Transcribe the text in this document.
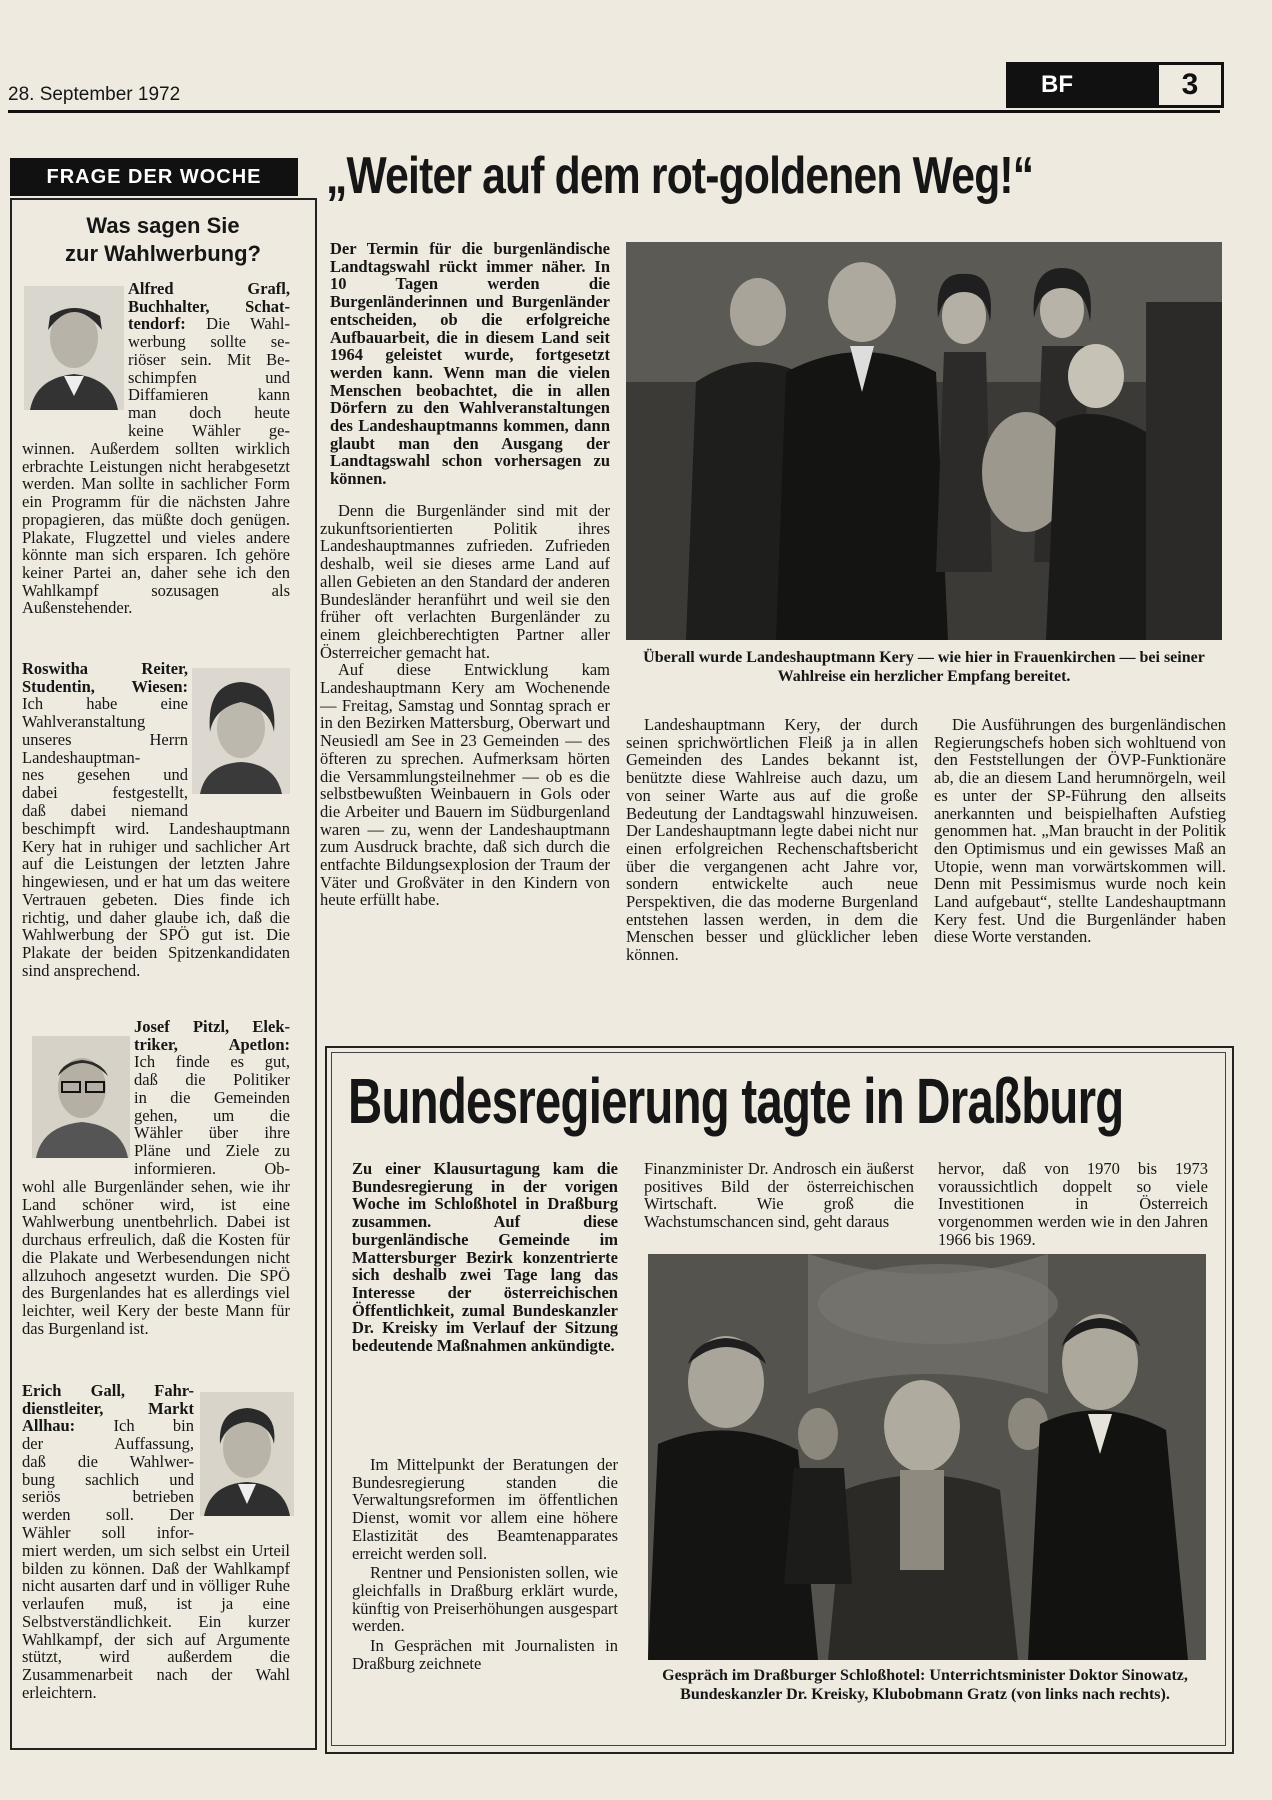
28. September 1972	BF	3
FRAGE DER WOCHE
Was sagen Sie
zur Wahlwerbung?
Alfred Grafl,
Buchhalter, Schat-
tendorf: Die Wahl-
werbung sollte se-
riöser sein. Mit Be-
schimpfen und
Diffamieren kann
man doch heute
keine Wähler ge-
winnen. Außerdem sollten wirklich erbrachte Leistungen nicht herabgesetzt werden. Man sollte in sachlicher Form ein Programm für die nächsten Jahre propagieren, das müßte doch genügen. Plakate, Flugzettel und vieles andere könnte man sich ersparen. Ich gehöre keiner Partei an, daher sehe ich den Wahlkampf sozusagen als Außenstehender.
Roswitha Reiter,
Studentin, Wiesen:
Ich habe eine
Wahlveranstaltung
unseres Herrn
Landeshauptman-
nes gesehen und
dabei festgestellt,
daß dabei niemand
beschimpft wird. Landeshauptmann Kery hat in ruhiger und sachlicher Art auf die Leistungen der letzten Jahre hingewiesen, und er hat um das weitere Vertrauen gebeten. Dies finde ich richtig, und daher glaube ich, daß die Wahlwerbung der SPÖ gut ist. Die Plakate der beiden Spitzenkandidaten sind ansprechend.
Josef Pitzl, Elek-
triker, Apetlon:
Ich finde es gut,
daß die Politiker
in die Gemeinden
gehen, um die
Wähler über ihre
Pläne und Ziele zu
informieren. Ob-
wohl alle Burgenländer sehen, wie ihr Land schöner wird, ist eine Wahlwerbung unentbehrlich. Dabei ist durchaus erfreulich, daß die Kosten für die Plakate und Werbesendungen nicht allzuhoch angesetzt wurden. Die SPÖ des Burgenlandes hat es allerdings viel leichter, weil Kery der beste Mann für das Burgenland ist.
Erich Gall, Fahr-
dienstleiter, Markt
Allhau: Ich bin
der Auffassung,
daß die Wahlwer-
bung sachlich und
seriös betrieben
werden soll. Der
Wähler soll infor-
miert werden, um sich selbst ein Urteil bilden zu können. Daß der Wahlkampf nicht ausarten darf und in völliger Ruhe verlaufen muß, ist ja eine Selbstverständlichkeit. Ein kurzer Wahlkampf, der sich auf Argumente stützt, wird außerdem die Zusammenarbeit nach der Wahl erleichtern.
„Weiter auf dem rot-goldenen Weg!“
Der Termin für die burgenländische Landtagswahl rückt immer näher. In 10 Tagen werden die Burgenländerinnen und Burgenländer entscheiden, ob die erfolgreiche Aufbauarbeit, die in diesem Land seit 1964 geleistet wurde, fortgesetzt werden kann. Wenn man die vielen Menschen beobachtet, die in allen Dörfern zu den Wahlveranstaltungen des Landeshauptmanns kommen, dann glaubt man den Ausgang der Landtagswahl schon vorhersagen zu können.
Überall wurde Landeshauptmann Kery — wie hier in Frauenkirchen — bei seiner Wahlreise ein herzlicher Empfang bereitet.

Denn die Burgenländer sind mit der zukunftsorientierten Politik ihres Landeshauptmannes zufrieden. Zufrieden deshalb, weil sie dieses arme Land auf allen Gebieten an den Standard der anderen Bundesländer heranführt und weil sie den früher oft verlachten Burgenländer zu einem gleichberechtigten Partner aller Österreicher gemacht hat.

Auf diese Entwicklung kam Landeshauptmann Kery am Wochenende — Freitag, Samstag und Sonntag sprach er in den Bezirken Mattersburg, Oberwart und Neusiedl am See in 23 Gemeinden — des öfteren zu sprechen. Aufmerksam hörten die Versammlungsteilnehmer — ob es die selbstbewußten Weinbauern in Gols oder die Arbeiter und Bauern im Südburgenland waren — zu, wenn der Landeshauptmann zum Ausdruck brachte, daß sich durch die entfachte Bildungsexplosion der Traum der Väter und Großväter in den Kindern von heute erfüllt habe.

Landeshauptmann Kery, der durch seinen sprichwörtlichen Fleiß ja in allen Gemeinden des Landes bekannt ist, benützte diese Wahlreise auch dazu, um von seiner Warte aus auf die große Bedeutung der Landtagswahl hinzuweisen. Der Landeshauptmann legte dabei nicht nur einen erfolgreichen Rechenschaftsbericht über die vergangenen acht Jahre vor, sondern entwickelte auch neue Perspektiven, die das moderne Burgenland entstehen lassen werden, in dem die Menschen besser und glücklicher leben können.

Die Ausführungen des burgenländischen Regierungschefs hoben sich wohltuend von den Feststellungen der ÖVP-Funktionäre ab, die an diesem Land herumnörgeln, weil es unter der SP-Führung den allseits anerkannten und beispielhaften Aufstieg genommen hat. „Man braucht in der Politik den Optimismus und ein gewisses Maß an Utopie, wenn man vorwärtskommen will. Denn mit Pessimismus wurde noch kein Land aufgebaut“, stellte Landeshauptmann Kery fest. Und die Burgenländer haben diese Worte verstanden.

Bundesregierung tagte in Draßburg
Zu einer Klausurtagung kam die Bundesregierung in der vorigen Woche im Schloßhotel in Draßburg zusammen. Auf diese burgenländische Gemeinde im Mattersburger Bezirk konzentrierte sich deshalb zwei Tage lang das Interesse der österreichischen Öffentlichkeit, zumal Bundeskanzler Dr. Kreisky im Verlauf der Sitzung bedeutende Maßnahmen ankündigte.

Im Mittelpunkt der Beratungen der Bundesregierung standen die Verwaltungsreformen im öffentlichen Dienst, womit vor allem eine höhere Elastizität des Beamtenapparates erreicht werden soll.

Rentner und Pensionisten sollen, wie gleichfalls in Draßburg erklärt wurde, künftig von Preiserhöhungen ausgespart werden.

In Gesprächen mit Journalisten in Draßburg zeichnete

Finanzminister Dr. Androsch ein äußerst positives Bild der österreichischen Wirtschaft. Wie groß die Wachstumschancen sind, geht daraus
hervor, daß von 1970 bis 1973 voraussichtlich doppelt so viele Investitionen in Österreich vorgenommen werden wie in den Jahren 1966 bis 1969.
Gespräch im Draßburger Schloßhotel: Unterrichtsminister Doktor Sinowatz, Bundeskanzler Dr. Kreisky, Klubobmann Gratz (von links nach rechts).
